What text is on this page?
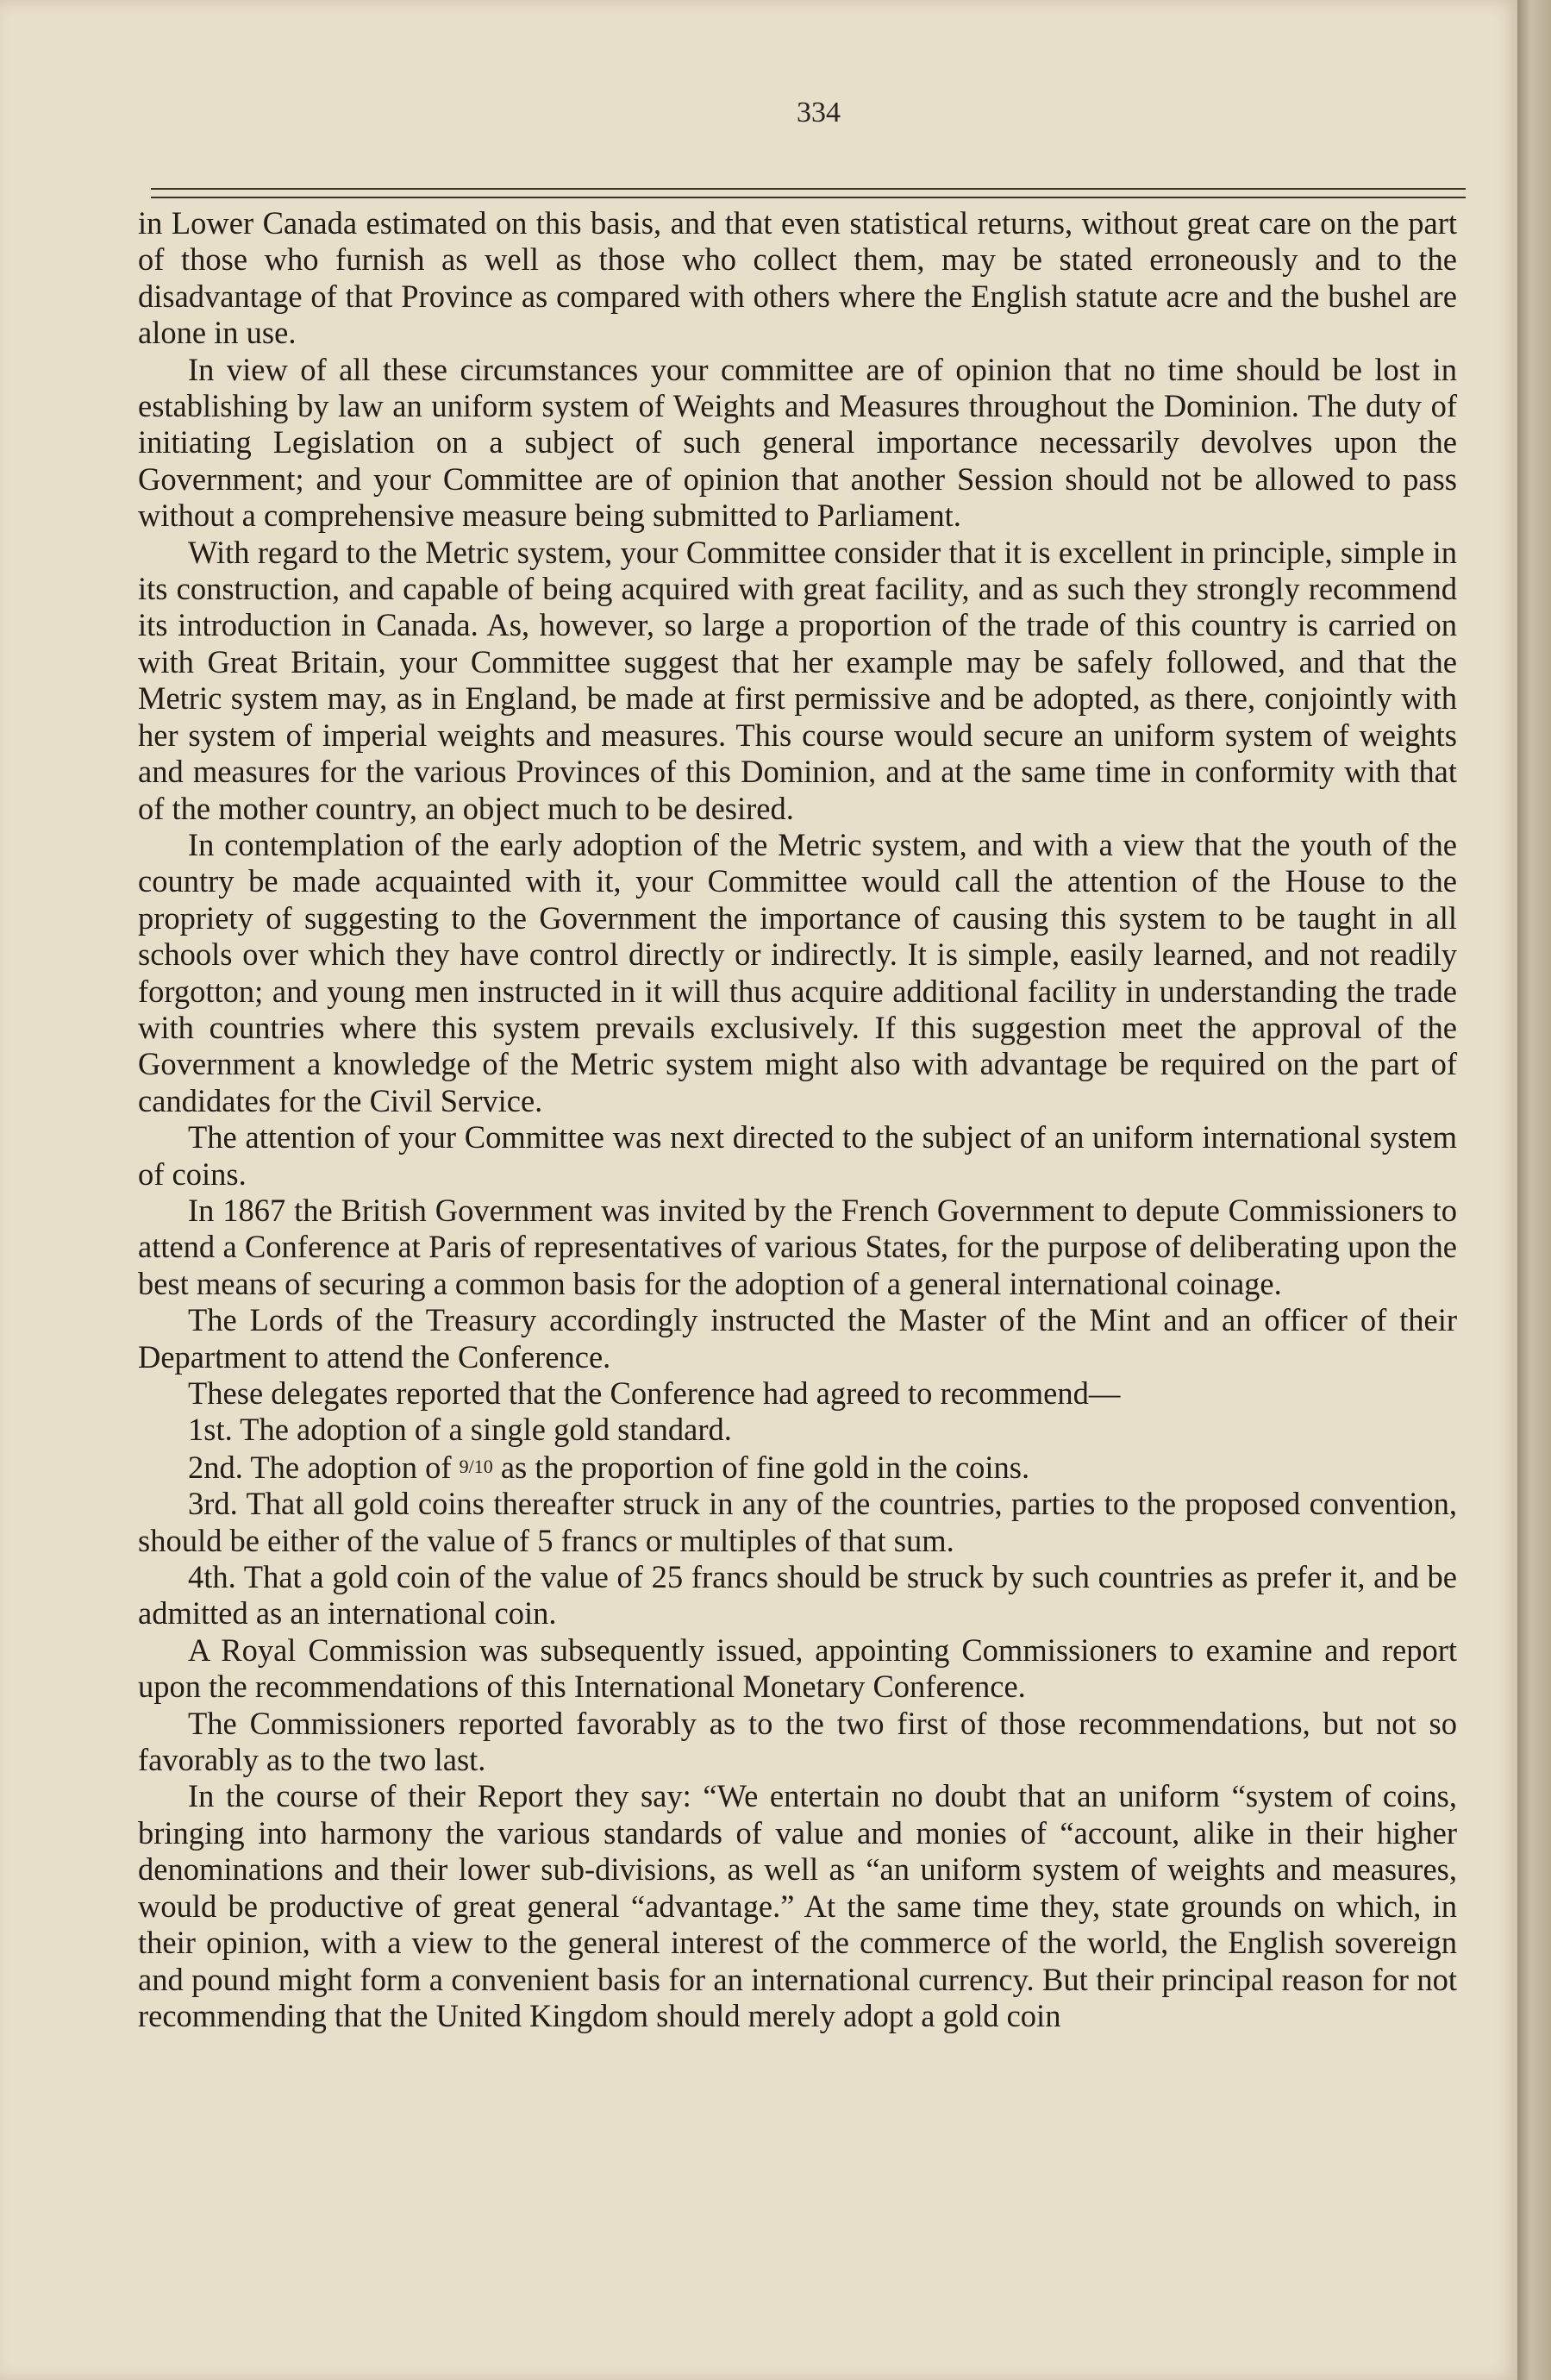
334

in Lower Canada estimated on this basis, and that even statistical returns, without great care on the part of those who furnish as well as those who collect them, may be stated erroneously and to the disadvantage of that Province as compared with others where the English statute acre and the bushel are alone in use.

In view of all these circumstances your committee are of opinion that no time should be lost in establishing by law an uniform system of Weights and Measures throughout the Dominion. The duty of initiating Legislation on a subject of such general importance necessarily devolves upon the Government; and your Committee are of opinion that another Session should not be allowed to pass without a comprehensive measure being submitted to Parliament.

With regard to the Metric system, your Committee consider that it is excellent in principle, simple in its construction, and capable of being acquired with great facility, and as such they strongly recommend its introduction in Canada. As, however, so large a proportion of the trade of this country is carried on with Great Britain, your Committee suggest that her example may be safely followed, and that the Metric system may, as in England, be made at first permissive and be adopted, as there, conjointly with her system of imperial weights and measures. This course would secure an uniform system of weights and measures for the various Provinces of this Dominion, and at the same time in conformity with that of the mother country, an object much to be desired.

In contemplation of the early adoption of the Metric system, and with a view that the youth of the country be made acquainted with it, your Committee would call the attention of the House to the propriety of suggesting to the Government the importance of causing this system to be taught in all schools over which they have control directly or indirectly. It is simple, easily learned, and not readily forgotton; and young men instructed in it will thus acquire additional facility in understanding the trade with countries where this system prevails exclusively. If this suggestion meet the approval of the Government a knowledge of the Metric system might also with advantage be required on the part of candidates for the Civil Service.

The attention of your Committee was next directed to the subject of an uniform international system of coins.

In 1867 the British Government was invited by the French Government to depute Commissioners to attend a Conference at Paris of representatives of various States, for the purpose of deliberating upon the best means of securing a common basis for the adoption of a general international coinage.

The Lords of the Treasury accordingly instructed the Master of the Mint and an officer of their Department to attend the Conference.

These delegates reported that the Conference had agreed to recommend—

1st. The adoption of a single gold standard.

2nd. The adoption of 9/10 as the proportion of fine gold in the coins.

3rd. That all gold coins thereafter struck in any of the countries, parties to the proposed convention, should be either of the value of 5 francs or multiples of that sum.

4th. That a gold coin of the value of 25 francs should be struck by such countries as prefer it, and be admitted as an international coin.

A Royal Commission was subsequently issued, appointing Commissioners to examine and report upon the recommendations of this International Monetary Conference.

The Commissioners reported favorably as to the two first of those recommendations, but not so favorably as to the two last.

In the course of their Report they say: “We entertain no doubt that an uniform “system of coins, bringing into harmony the various standards of value and monies of “account, alike in their higher denominations and their lower sub-divisions, as well as “an uniform system of weights and measures, would be productive of great general “advantage.” At the same time they, state grounds on which, in their opinion, with a view to the general interest of the commerce of the world, the English sovereign and pound might form a convenient basis for an international currency. But their principal reason for not recommending that the United Kingdom should merely adopt a gold coin
